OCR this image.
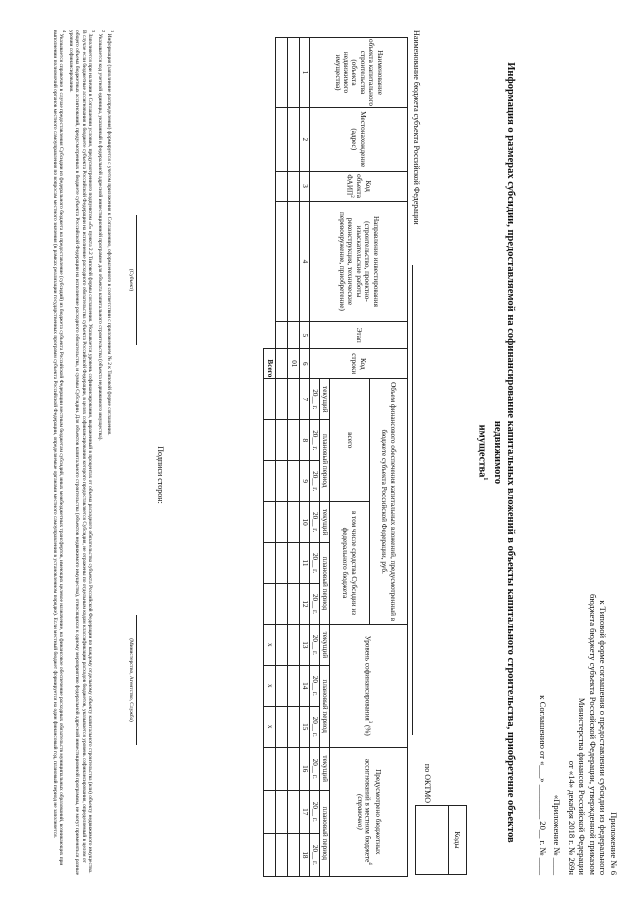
Приложение № 6
к Типовой форме соглашения о предоставлении субсидии из федерального
бюджета бюджету субъекта Российской Федерации, утвержденной приказом
Министерства финансов Российской Федерации
от «14» декабря 2018 г. № 269н
«Приложение № ____
к Соглашению от «___» ________ 20__ г. № ____
Информация о размерах субсидии, предоставляемой на софинансирование капитальных вложений в объекты капитального строительства, приобретение объектов недвижимого
имущества$^1$
Коды

по ОКТМО
Наименование бюджета субъекта Российской Федерации
Наименование объекта капитального строительства (объекта недвижимого имущества)	Местонахождение (адрес)	Код объекта ФАИП$^2$	Направление инвестирования (строительство, проектно-изыскательские работы реконструкция, технические перевооружение, приобретение)	Этап	Код строки	Объем финансового обеспечения капитальных вложений, предусмотренный в бюджете субъекта Российской Федерации, руб.						Уровень софинансирования$^3$ (%)			Предусмотрено бюджетных ассигнований в местном бюджете$^4$ (справочно)		
						всего			в том числе средства Субсидии из федерального бюджета								
						текущий	плановый период		текущий	плановый период		текущий	плановый период		текущий	плановый период	
						20__ г.	20__ г.	20__ г.	20__ г.	20__ г.	20__ г.	20__ г.	20__ г.	20__ г.	20__ г.	20__ г.	20__ г.
1	2	3	4	5	6	7	8	9	10	11	12	13	14	15	16	17	18
					01												

					Всего							x	x	x			
Подписи сторон:
(Субъект)
(Министерство, Агентство, Служба)
$^1$ Информация (заполнение распределения) формируется с учетом приложения к Соглашению, оформленного в соответствии с приложением № 2 к Типовой форме соглашения.
$^2$ Указывается код учетной единицы, указанный в федеральной адресной инвестиционной программе для объекта капитального строительства (объекта недвижимого имущества).
$^3$ Заполняется при наличии в Соглашении условия, предусмотренного подпунктом «б» пункта 2.2 Типовой формы соглашения. Указывается уровень софинансирования, выраженный в процентах от объема расходного обязательства субъекта Российской Федерации по каждому отдельному объекту капитального строительства (или) объекту недвижимого имущества. В случае если бюджетные ассигнования в бюджете субъекта Российской Федерации на исполнение расходного обязательства субъекта Российской Федерации, в целях софинансирования которого предоставляется Субсидия, не отражены по отдельным кодам классификации расходов бюджетов, указывается уровень софинансирования, определяемый в целом от общего объема бюджетных ассигнований, предусмотренных в бюджете субъекта Российской Федерации на исполнение расходного обязательства, и суммы Субсидии. Для объектов капитального строительства (объектов недвижимого имущества), относящихся к одному мероприятию федеральной адресной инвестиционной программы, не могут применяться разные уровни софинансирования.
$^4$ Указывается справочно в случае предоставления Субсидии из федерального бюджета на предоставление (субсидий) из бюджета субъекта Российской Федерации местным бюджетам субсидий, иных межбюджетных трансфертов, имеющих целевое назначение, на финансовое обеспечение расходных обязательств муниципальных образований, возникающих при выполнении полномочий органов местного самоуправления по вопросам местного значения (в рамках реализации государственных программ субъекта Российской Федерации, определяемые органами местного самоуправления в установленном порядке). Если местный бюджет формируется на один финансовый год, плановый период не заполняется.
